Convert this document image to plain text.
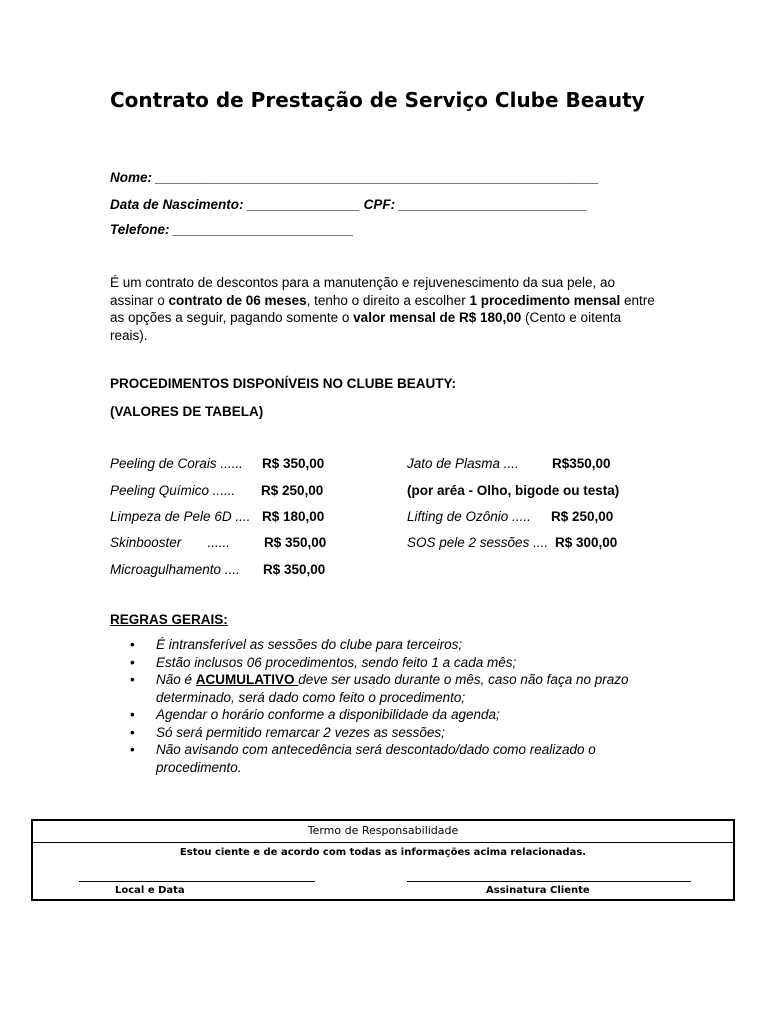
Contrato de Prestação de Serviço Clube Beauty
Nome: ___________________________________________________________
Data de Nascimento: _______________ CPF: _________________________
Telefone: ________________________
É um contrato de descontos para a manutenção e rejuvenescimento da sua pele, ao assinar o contrato de 06 meses, tenho o direito a escolher 1 procedimento mensal entre as opções a seguir, pagando somente o valor mensal de R$ 180,00 (Cento e oitenta reais).
PROCEDIMENTOS DISPONÍVEIS NO CLUBE BEAUTY:
(VALORES DE TABELA)
Peeling de Corais ...... R$ 350,00
Peeling Químico ...... R$ 250,00
Limpeza de Pele 6D .... R$ 180,00
Skinbooster       ......	R$ 350,00
Microagulhamento .... R$ 350,00
Jato de Plasma .... R$350,00
(por aréa - Olho, bigode ou testa)
Lifting de Ozônio ..... R$ 250,00
SOS pele 2 sessões .... R$ 300,00
REGRAS GERAIS:
• É intransferível as sessões do clube para terceiros;
• Estão inclusos 06 procedimentos, sendo feito 1 a cada mês;
• Não é ACUMULATIVO deve ser usado durante o mês, caso não faça no prazo determinado, será dado como feito o procedimento;
• Agendar o horário conforme a disponibilidade da agenda;
• Só será permitido remarcar 2 vezes as sessões;
• Não avisando com antecedência será descontado/dado como realizado o procedimento.
Termo de Responsabilidade
Estou ciente e de acordo com todas as informações acima relacionadas.
Local e Data	Assinatura Cliente
